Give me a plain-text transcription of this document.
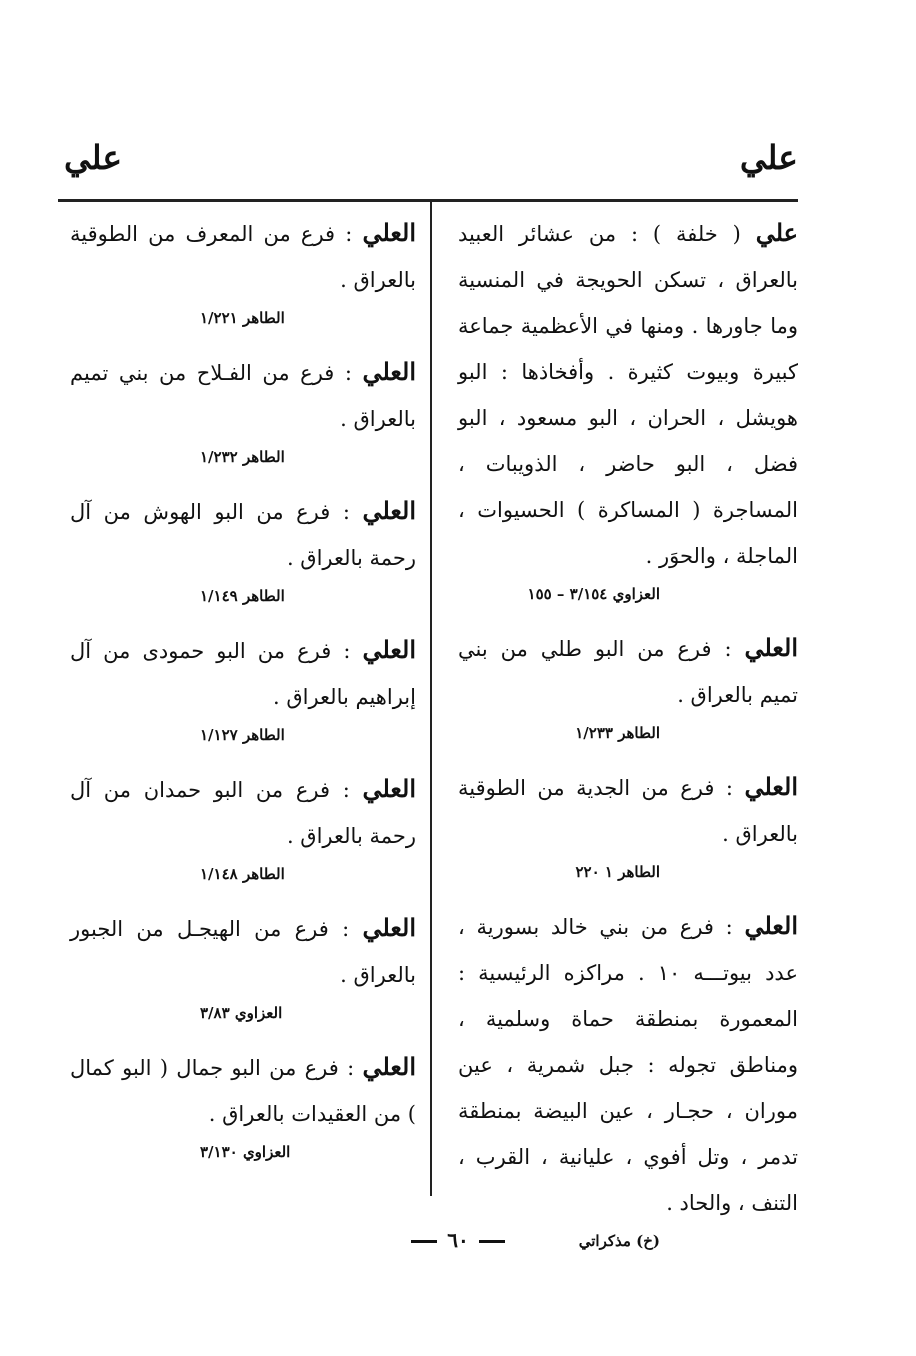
علي
علي

علي ( خلفة ) : من عشائر العبيد بالعراق ، تسكن الحويجة في المنسية وما جاورها . ومنها في الأعظمية جماعة كبيرة وبيوت كثيرة . وأفخاذها : البو هويشل ، الحران ، البو مسعود ، البو فضل ، البو حاضر ، الذويبات ، المساجرة ( المساكرة ) الحسيوات ، الماجلة ، والحوَر .

العزاوي ٣/١٥٤ – ١٥٥

العلي : فرع من البو طلي من بني تميم بالعراق .

الطاهر ١/٢٣٣

العلي : فرع من الجدية من الطوقية بالعراق .

الطاهر ١ ٢٢٠

العلي : فرع من بني خالد بسورية ، عدد بيوتـــه ١٠ . مراكزه الرئيسية : المعمورة بمنطقة حماة وسلمية ، ومناطق تجوله : جبل شمرية ، عين موران ، حجـار ، عين البيضة بمنطقة تدمر ، وتل أفوي ، عليانية ، القرب ، التنف ، والحاد .

(خ) مذكراتي

العلي : فرع من المعرف من الطوقية بالعراق .

الطاهر ١/٢٢١

العلي : فرع من الفـلاح من بني تميم بالعراق .

الطاهر ١/٢٣٢

العلي : فرع من البو الهوش من آل رحمة بالعراق .

الطاهر ١/١٤٩

العلي : فرع من البو حمودى من آل إبراهيم بالعراق .

الطاهر ١/١٢٧

العلي : فرع من البو حمدان من آل رحمة بالعراق .

الطاهر ١/١٤٨

العلي : فرع من الهيجـل من الجبور بالعراق .

العزاوي ٣/٨٣

العلي : فرع من البو جمال ( البو كمال ) من العقيدات بالعراق .

العزاوي ٣/١٣٠
٦٠
